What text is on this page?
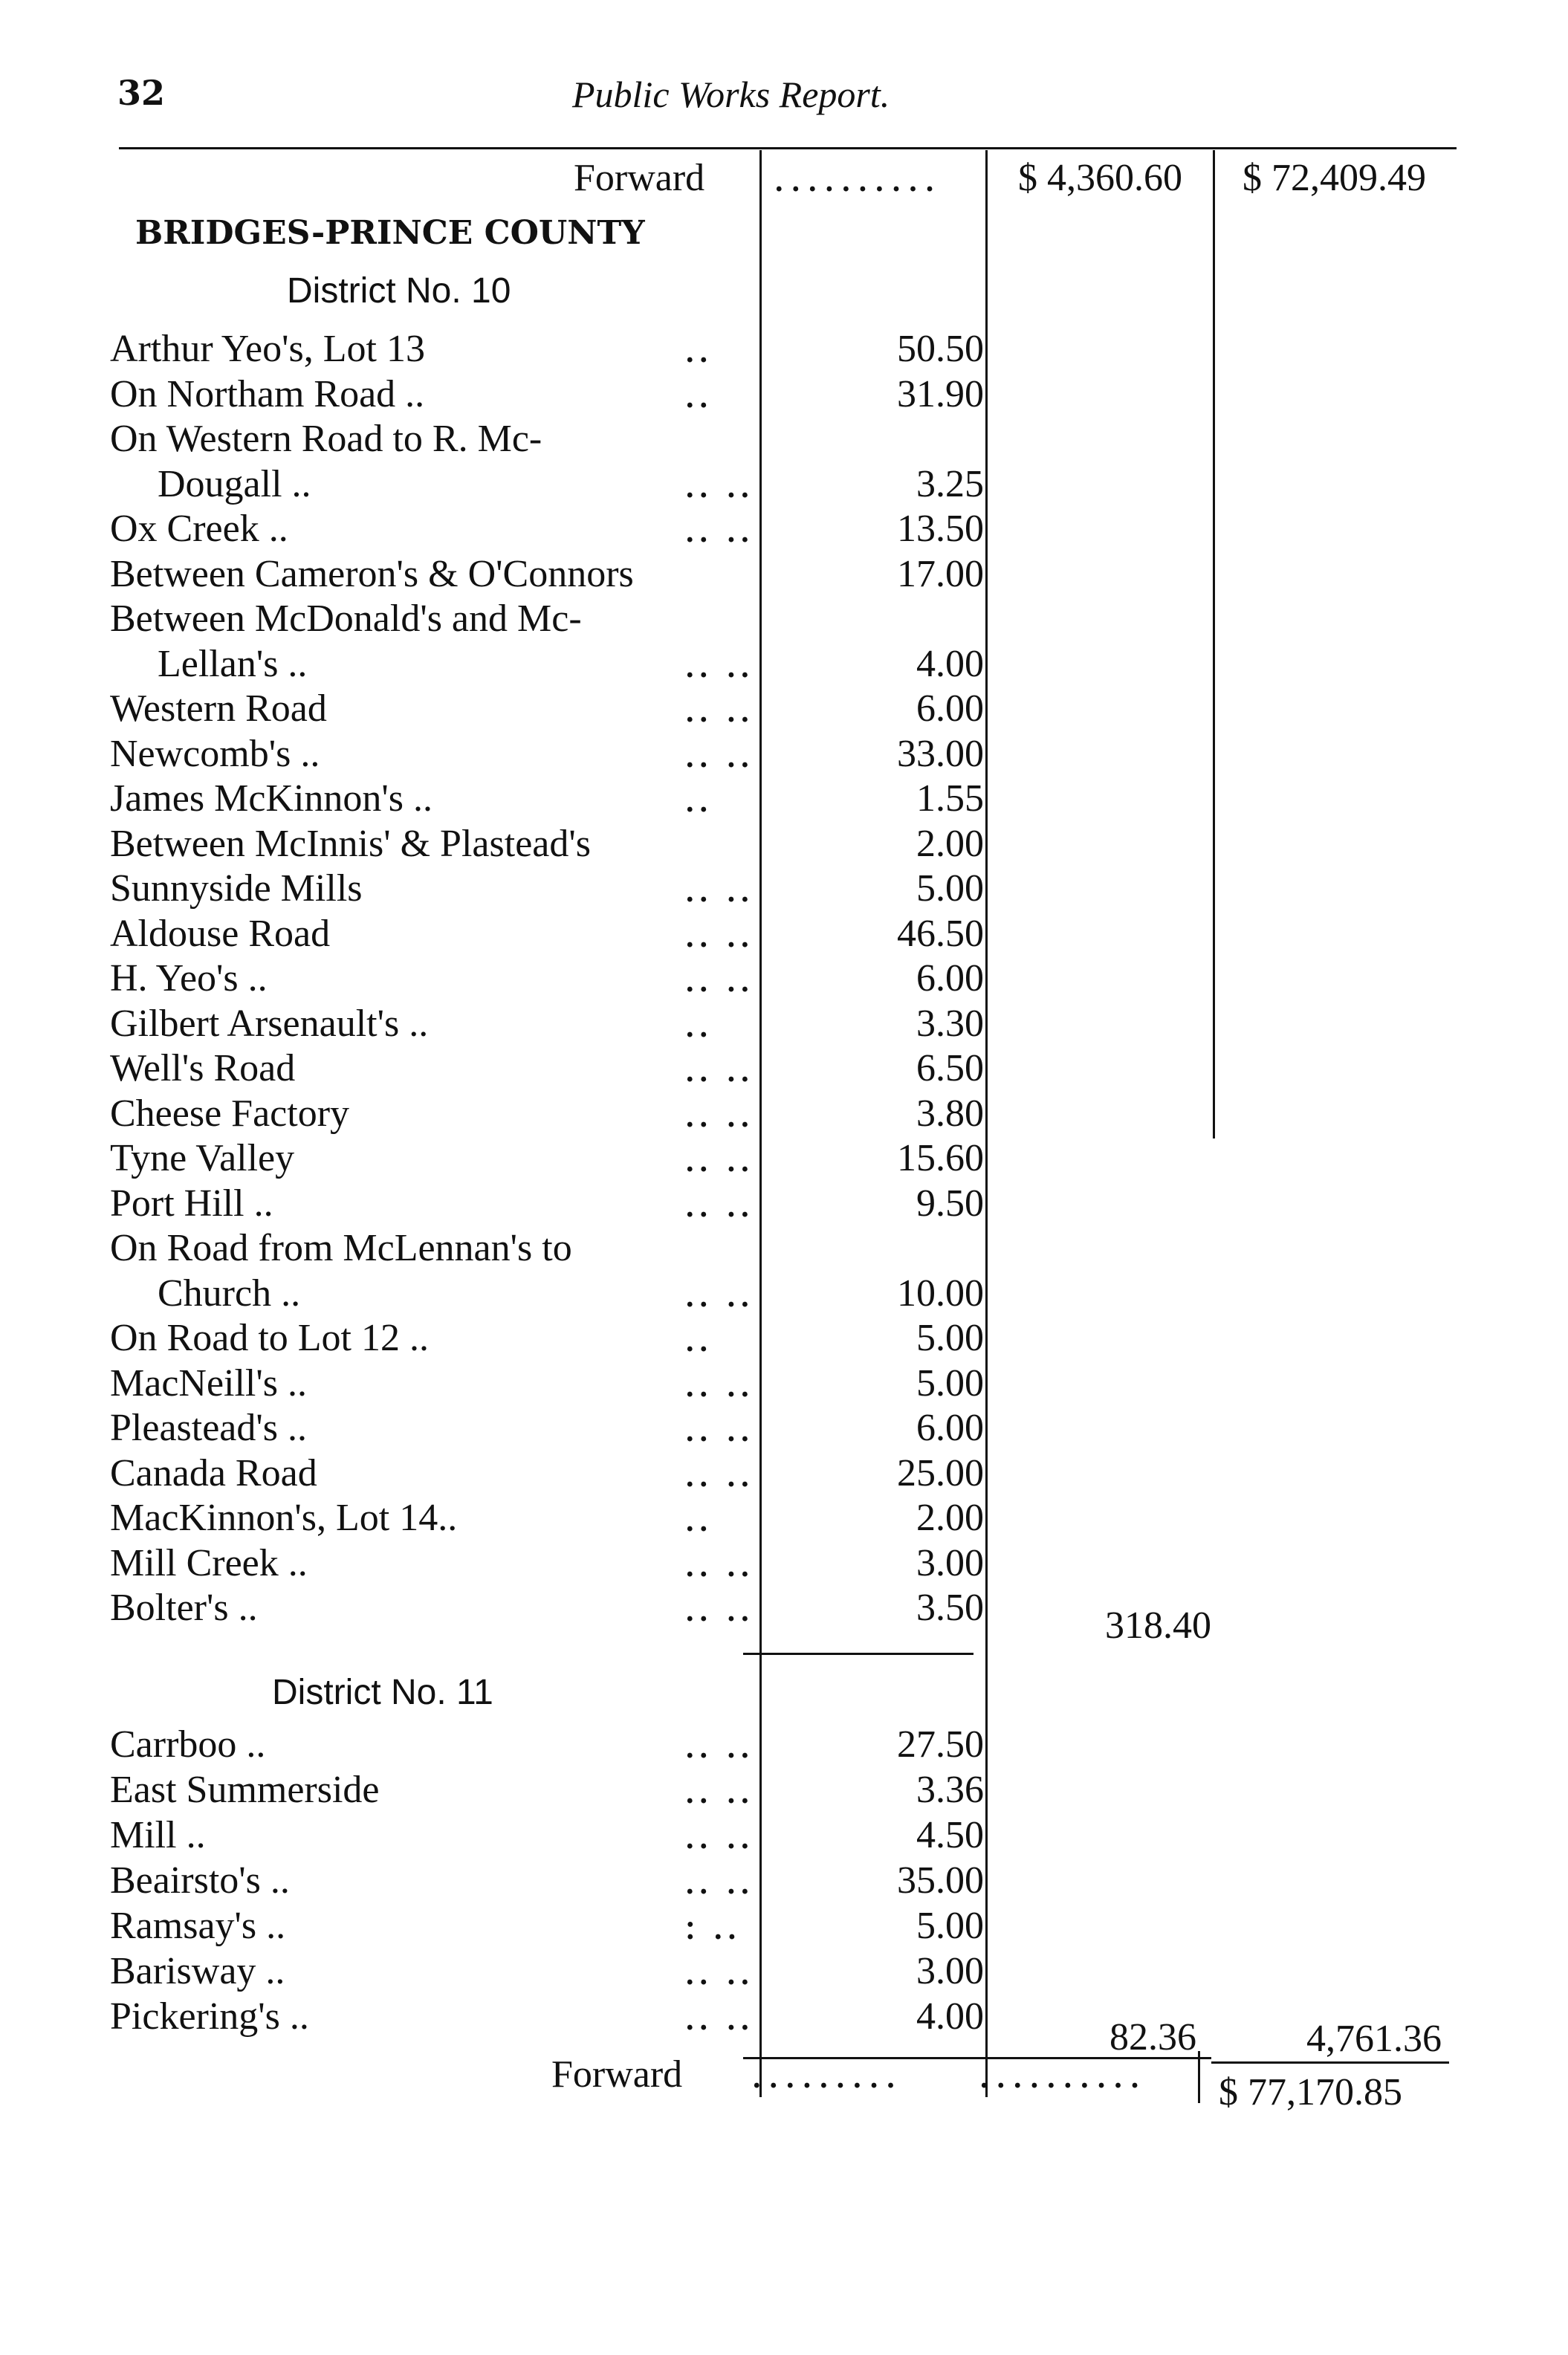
32	Public Works Report.
Forward ..........	$ 4,360.60 $ 72,409.49
BRIDGES-PRINCE COUNTY
District No. 10
Arthur Yeo's, Lot 13	..	50.50
On Northam Road ..	..	31.90
On Western Road to R. Mc-
Dougall ..	.. ..	3.25
Ox Creek ..	.. ..	13.50
Between Cameron's & O'Connors	17.00
Between McDonald's and Mc-
Lellan's ..	.. ..	4.00
Western Road	.. ..	6.00
Newcomb's ..	.. ..	33.00
James McKinnon's ..	..	1.55
Between McInnis' & Plastead's	2.00
Sunnyside Mills	.. ..	5.00
Aldouse Road	.. ..	46.50
H. Yeo's ..	.. ..	6.00
Gilbert Arsenault's ..	..	3.30
Well's Road	.. ..	6.50
Cheese Factory	.. ..	3.80
Tyne Valley	.. ..	15.60
Port Hill ..	.. ..	9.50
On Road from McLennan's to
Church ..	.. ..	10.00
On Road to Lot 12 ..	..	5.00
MacNeill's ..	.. ..	5.00
Pleastead's ..	.. ..	6.00
Canada Road	.. ..	25.00
MacKinnon's, Lot 14..	..	2.00
Mill Creek ..	.. ..	3.00
Bolter's ..	.. ..	3.50	318.40
District No. 11
Carrboo ..	.. ..	27.50
East Summerside	.. ..	3.36
Mill ..	.. ..	4.50
Beairsto's ..	.. ..	35.00
Ramsay's ..	: ..	5.00
Barisway ..	.. ..	3.00
Pickering's ..	.. ..	4.00	82.36	4,761.36
Forward .........	..........	$ 77,170.85
